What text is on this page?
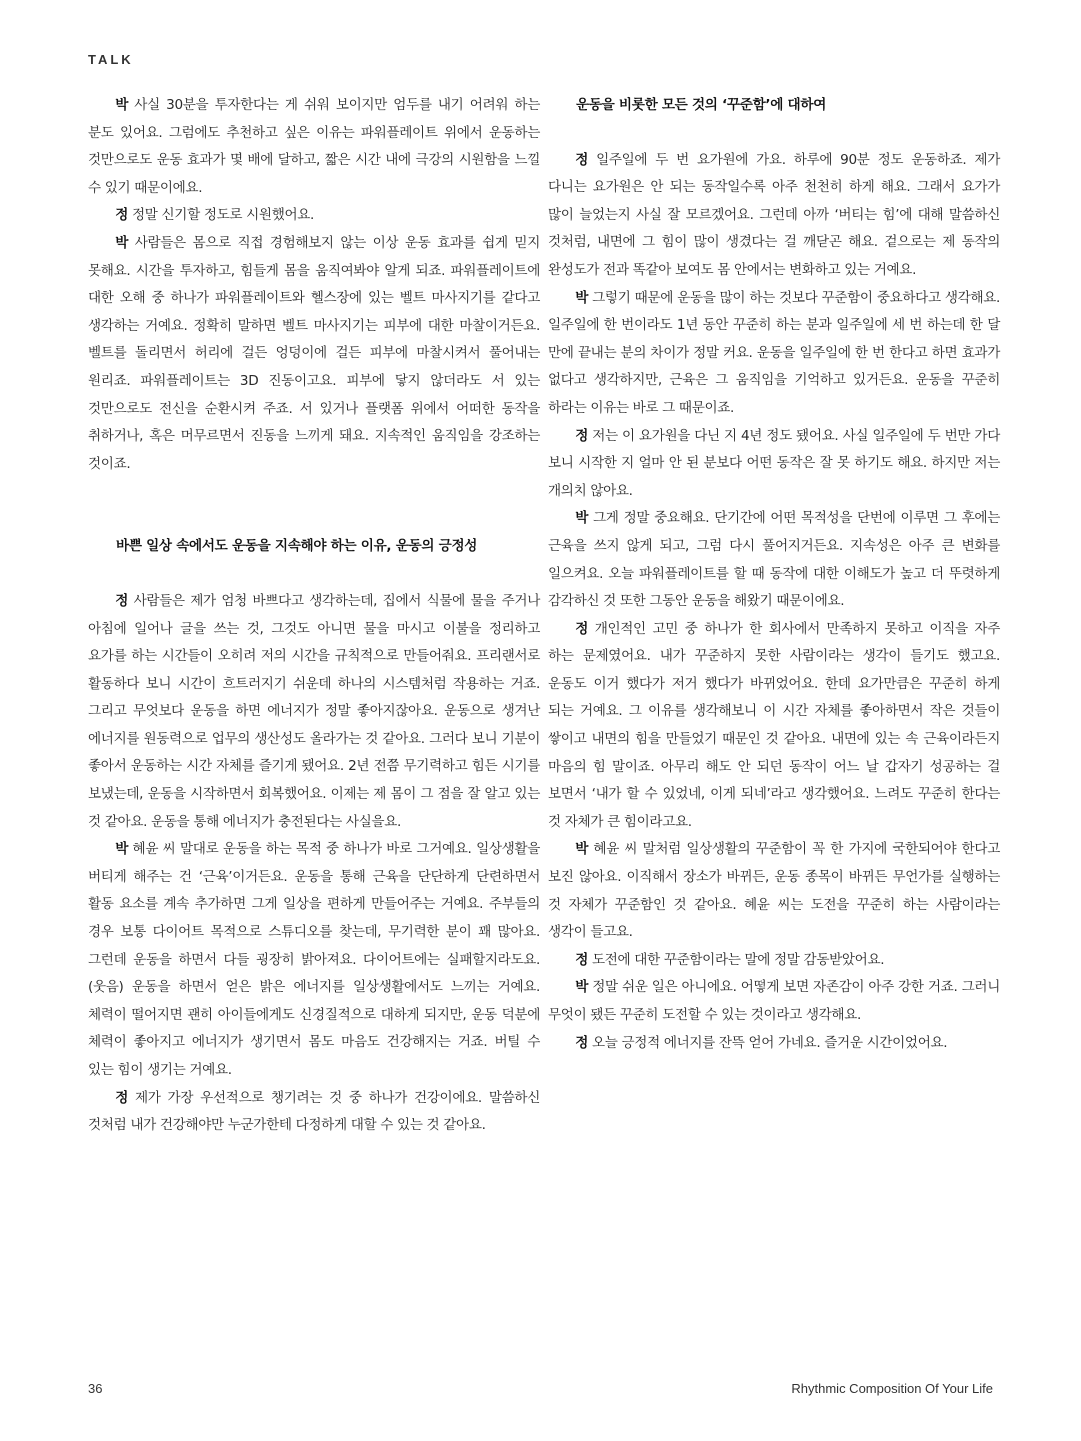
TALK

박 사실 30분을 투자한다는 게 쉬워 보이지만 엄두를 내기 어려워 하는 분도 있어요. 그럼에도 추천하고 싶은 이유는 파워플레이트 위에서 운동하는 것만으로도 운동 효과가 몇 배에 달하고, 짧은 시간 내에 극강의 시원함을 느낄 수 있기 때문이에요.

정 정말 신기할 정도로 시원했어요.

박 사람들은 몸으로 직접 경험해보지 않는 이상 운동 효과를 쉽게 믿지 못해요. 시간을 투자하고, 힘들게 몸을 움직여봐야 알게 되죠. 파워플레이트에 대한 오해 중 하나가 파워플레이트와 헬스장에 있는 벨트 마사지기를 같다고 생각하는 거예요. 정확히 말하면 벨트 마사지기는 피부에 대한 마찰이거든요. 벨트를 돌리면서 허리에 걸든 엉덩이에 걸든 피부에 마찰시켜서 풀어내는 원리죠. 파워플레이트는 3D 진동이고요. 피부에 닿지 않더라도 서 있는 것만으로도 전신을 순환시켜 주죠. 서 있거나 플랫폼 위에서 어떠한 동작을 취하거나, 혹은 머무르면서 진동을 느끼게 돼요. 지속적인 움직임을 강조하는 것이죠.

바쁜 일상 속에서도 운동을 지속해야 하는 이유, 운동의 긍정성

정 사람들은 제가 엄청 바쁘다고 생각하는데, 집에서 식물에 물을 주거나 아침에 일어나 글을 쓰는 것, 그것도 아니면 물을 마시고 이불을 정리하고 요가를 하는 시간들이 오히려 저의 시간을 규칙적으로 만들어줘요. 프리랜서로 활동하다 보니 시간이 흐트러지기 쉬운데 하나의 시스템처럼 작용하는 거죠. 그리고 무엇보다 운동을 하면 에너지가 정말 좋아지잖아요. 운동으로 생겨난 에너지를 원동력으로 업무의 생산성도 올라가는 것 같아요. 그러다 보니 기분이 좋아서 운동하는 시간 자체를 즐기게 됐어요. 2년 전쯤 무기력하고 힘든 시기를 보냈는데, 운동을 시작하면서 회복했어요. 이제는 제 몸이 그 점을 잘 알고 있는 것 같아요. 운동을 통해 에너지가 충전된다는 사실을요.

박 혜윤 씨 말대로 운동을 하는 목적 중 하나가 바로 그거예요. 일상생활을 버티게 해주는 건 ‘근육’이거든요. 운동을 통해 근육을 단단하게 단련하면서 활동 요소를 계속 추가하면 그게 일상을 편하게 만들어주는 거예요. 주부들의 경우 보통 다이어트 목적으로 스튜디오를 찾는데, 무기력한 분이 꽤 많아요. 그런데 운동을 하면서 다들 굉장히 밝아져요. 다이어트에는 실패할지라도요.(웃음) 운동을 하면서 얻은 밝은 에너지를 일상생활에서도 느끼는 거예요. 체력이 떨어지면 괜히 아이들에게도 신경질적으로 대하게 되지만, 운동 덕분에 체력이 좋아지고 에너지가 생기면서 몸도 마음도 건강해지는 거죠. 버틸 수 있는 힘이 생기는 거예요.

정 제가 가장 우선적으로 챙기려는 것 중 하나가 건강이에요. 말씀하신 것처럼 내가 건강해야만 누군가한테 다정하게 대할 수 있는 것 같아요.

운동을 비롯한 모든 것의 ‘꾸준함’에 대하여

정 일주일에 두 번 요가원에 가요. 하루에 90분 정도 운동하죠. 제가 다니는 요가원은 안 되는 동작일수록 아주 천천히 하게 해요. 그래서 요가가 많이 늘었는지 사실 잘 모르겠어요. 그런데 아까 ‘버티는 힘’에 대해 말씀하신 것처럼, 내면에 그 힘이 많이 생겼다는 걸 깨닫곤 해요. 겉으로는 제 동작의 완성도가 전과 똑같아 보여도 몸 안에서는 변화하고 있는 거예요.

박 그렇기 때문에 운동을 많이 하는 것보다 꾸준함이 중요하다고 생각해요. 일주일에 한 번이라도 1년 동안 꾸준히 하는 분과 일주일에 세 번 하는데 한 달 만에 끝내는 분의 차이가 정말 커요. 운동을 일주일에 한 번 한다고 하면 효과가 없다고 생각하지만, 근육은 그 움직임을 기억하고 있거든요. 운동을 꾸준히 하라는 이유는 바로 그 때문이죠.

정 저는 이 요가원을 다닌 지 4년 정도 됐어요. 사실 일주일에 두 번만 가다 보니 시작한 지 얼마 안 된 분보다 어떤 동작은 잘 못 하기도 해요. 하지만 저는 개의치 않아요.

박 그게 정말 중요해요. 단기간에 어떤 목적성을 단번에 이루면 그 후에는 근육을 쓰지 않게 되고, 그럼 다시 풀어지거든요. 지속성은 아주 큰 변화를 일으켜요. 오늘 파워플레이트를 할 때 동작에 대한 이해도가 높고 더 뚜렷하게 감각하신 것 또한 그동안 운동을 해왔기 때문이에요.

정 개인적인 고민 중 하나가 한 회사에서 만족하지 못하고 이직을 자주 하는 문제였어요. 내가 꾸준하지 못한 사람이라는 생각이 들기도 했고요. 운동도 이거 했다가 저거 했다가 바뀌었어요. 한데 요가만큼은 꾸준히 하게 되는 거예요. 그 이유를 생각해보니 이 시간 자체를 좋아하면서 작은 것들이 쌓이고 내면의 힘을 만들었기 때문인 것 같아요. 내면에 있는 속 근육이라든지 마음의 힘 말이죠. 아무리 해도 안 되던 동작이 어느 날 갑자기 성공하는 걸 보면서 ‘내가 할 수 있었네, 이게 되네’라고 생각했어요. 느려도 꾸준히 한다는 것 자체가 큰 힘이라고요.

박 혜윤 씨 말처럼 일상생활의 꾸준함이 꼭 한 가지에 국한되어야 한다고 보진 않아요. 이직해서 장소가 바뀌든, 운동 종목이 바뀌든 무언가를 실행하는 것 자체가 꾸준함인 것 같아요. 혜윤 씨는 도전을 꾸준히 하는 사람이라는 생각이 들고요.

정 도전에 대한 꾸준함이라는 말에 정말 감동받았어요.

박 정말 쉬운 일은 아니에요. 어떻게 보면 자존감이 아주 강한 거죠. 그러니 무엇이 됐든 꾸준히 도전할 수 있는 것이라고 생각해요.

정 오늘 긍정적 에너지를 잔뜩 얻어 가네요. 즐거운 시간이었어요.

36	Rhythmic Composition Of Your Life
